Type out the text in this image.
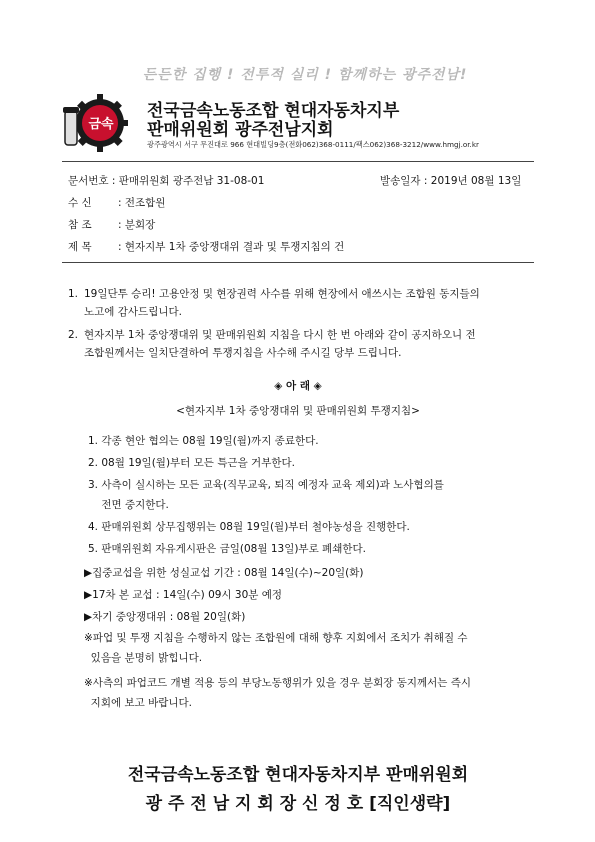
든든한 집행 ! 전투적 실리 ! 함께하는 광주전남!
금속
전국금속노동조합 현대자동차지부
판매위원회 광주전남지회
광주광역시 서구 무진대로 966 현대빌딩9층(전화062)368-0111/팩스062)368-3212/www.hmgj.or.kr
문서번호 : 판매위원회 광주전남 31-08-01	발송일자 : 2019년 08월 13일
수 신	: 전조합원
참 조	: 분회장
제 목	: 현자지부 1차 중앙쟁대위 결과 및 투쟁지침의 건
1. 19일단투 승리! 고용안정 및 현장권력 사수를 위해 현장에서 애쓰시는 조합원 동지들의
노고에 감사드립니다.
2. 현자지부 1차 중앙쟁대위 및 판매위원회 지침을 다시 한 번 아래와 같이 공지하오니 전
조합원께서는 일치단결하여 투쟁지침을 사수해 주시길 당부 드립니다.
◈ 아 래 ◈
<현자지부 1차 중앙쟁대위 및 판매위원회 투쟁지침>
1. 각종 현안 협의는 08월 19일(월)까지 종료한다.
2. 08월 19일(월)부터 모든 특근을 거부한다.
3. 사측이 실시하는 모든 교육(직무교육, 퇴직 예정자 교육 제외)과 노사협의를
전면 중지한다.
4. 판매위원회 상무집행위는 08월 19일(월)부터 철야농성을 진행한다.
5. 판매위원회 자유게시판은 금일(08월 13일)부로 폐쇄한다.
▶집중교섭을 위한 성실교섭 기간 : 08월 14일(수)~20일(화)
▶17차 본 교섭 : 14일(수) 09시 30분 예정
▶차기 중앙쟁대위 : 08월 20일(화)
※파업 및 투쟁 지침을 수행하지 않는 조합원에 대해 향후 지회에서 조치가 취해질 수
있음을 분명히 밝힙니다.
※사측의 파업코드 개별 적용 등의 부당노동행위가 있을 경우 분회장 동지께서는 즉시
지회에 보고 바랍니다.
전국금속노동조합 현대자동차지부 판매위원회
광 주 전 남 지 회 장 신 정 호 [직인생략]
